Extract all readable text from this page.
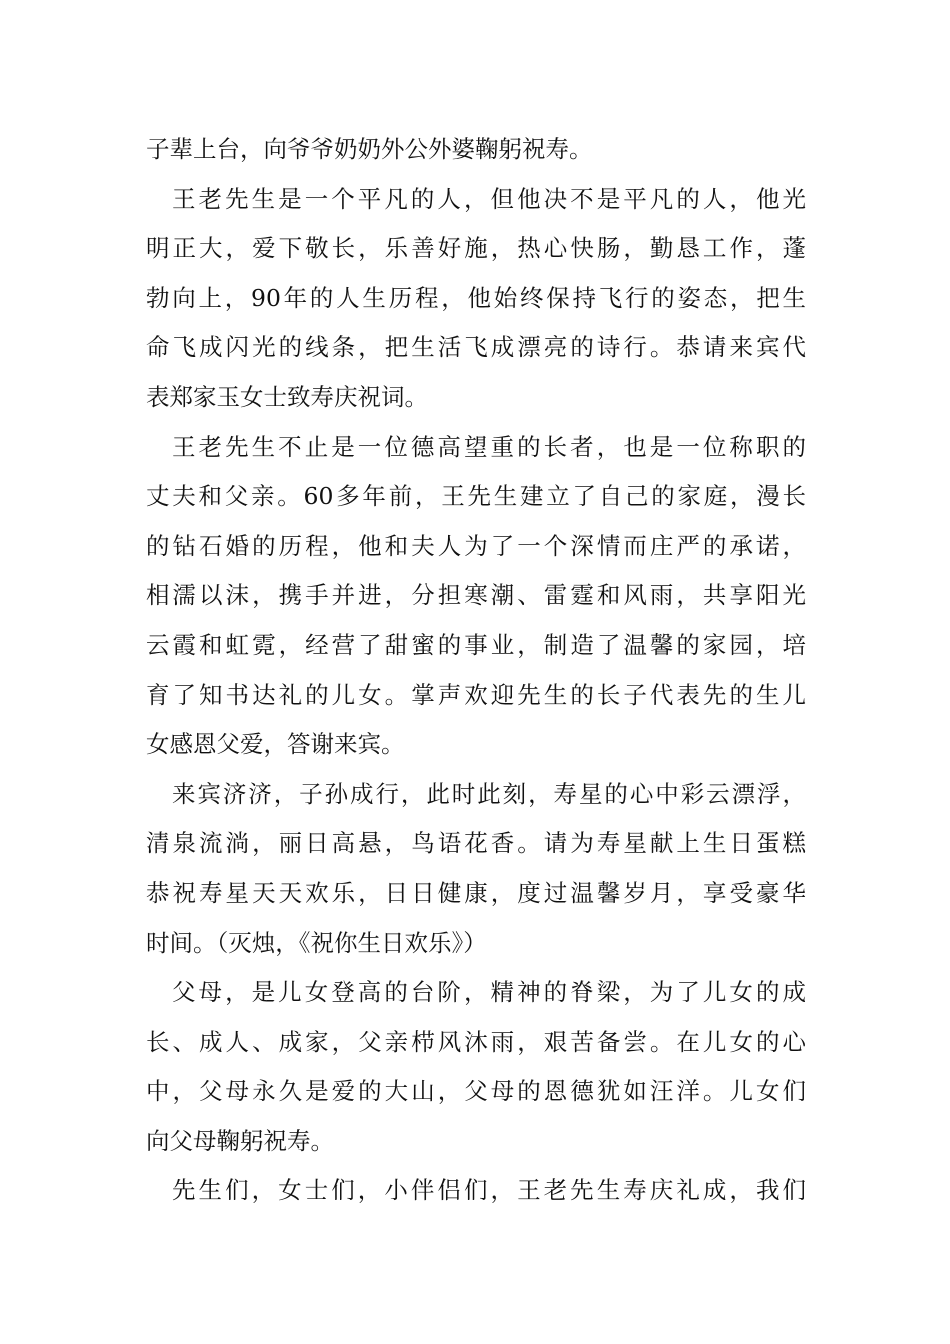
子辈上台，向爷爷奶奶外公外婆鞠躬祝寿。
王老先生是一个平凡的人，但他决不是平凡的人，他光
明正大，爱下敬长，乐善好施，热心快肠，勤恳工作，蓬
勃向上，90年的人生历程，他始终保持飞行的姿态，把生
命飞成闪光的线条，把生活飞成漂亮的诗行。恭请来宾代
表郑家玉女士致寿庆祝词。
王老先生不止是一位德高望重的长者，也是一位称职的
丈夫和父亲。60多年前，王先生建立了自己的家庭，漫长
的钻石婚的历程，他和夫人为了一个深情而庄严的承诺，
相濡以沫，携手并进，分担寒潮、雷霆和风雨，共享阳光
云霞和虹霓，经营了甜蜜的事业，制造了温馨的家园，培
育了知书达礼的儿女。掌声欢迎先生的长子代表先的生儿
女感恩父爱，答谢来宾。
来宾济济，子孙成行，此时此刻，寿星的心中彩云漂浮，
清泉流淌，丽日高悬，鸟语花香。请为寿星献上生日蛋糕
恭祝寿星天天欢乐，日日健康，度过温馨岁月，享受豪华
时间。（灭烛，《祝你生日欢乐》）
父母，是儿女登高的台阶，精神的脊梁，为了儿女的成
长、成人、成家，父亲栉风沐雨，艰苦备尝。在儿女的心
中，父母永久是爱的大山，父母的恩德犹如汪洋。儿女们
向父母鞠躬祝寿。
先生们，女士们，小伴侣们，王老先生寿庆礼成，我们
